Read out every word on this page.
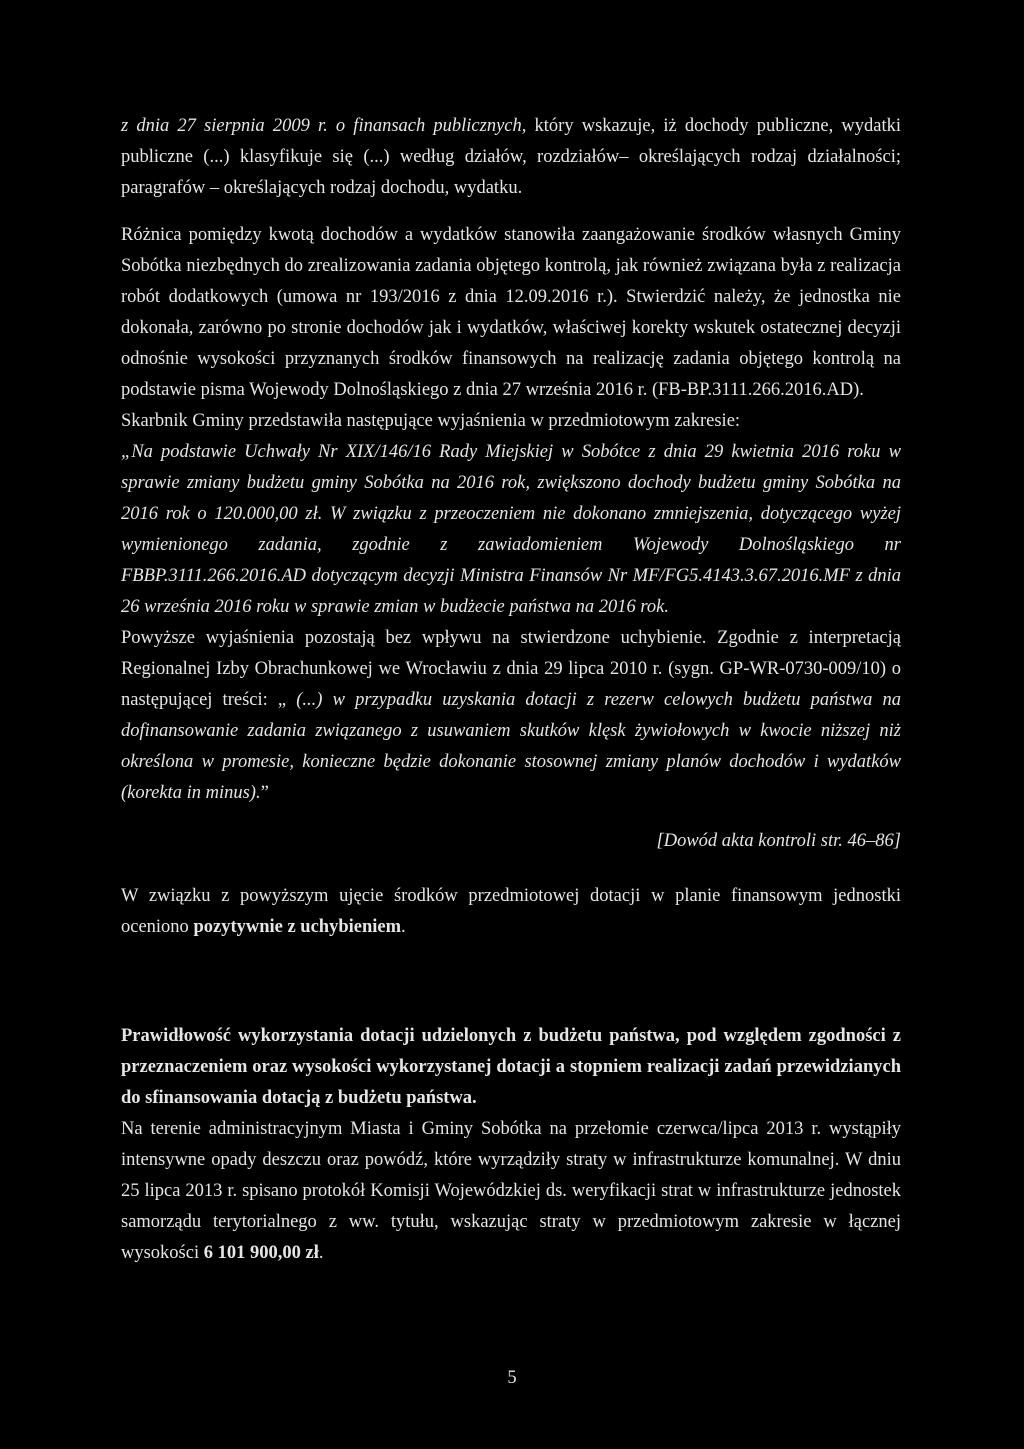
z dnia 27 sierpnia 2009 r. o finansach publicznych, który wskazuje, iż dochody publiczne, wydatki publiczne (...) klasyfikuje się (...) według działów, rozdziałów– określających rodzaj działalności; paragrafów – określających rodzaj dochodu, wydatku.

Różnica pomiędzy kwotą dochodów a wydatków stanowiła zaangażowanie środków własnych Gminy Sobótka niezbędnych do zrealizowania zadania objętego kontrolą, jak również związana była z realizacja robót dodatkowych (umowa nr 193/2016 z dnia 12.09.2016 r.). Stwierdzić należy, że jednostka nie dokonała, zarówno po stronie dochodów jak i wydatków, właściwej korekty wskutek ostatecznej decyzji odnośnie wysokości przyznanych środków finansowych na realizację zadania objętego kontrolą na podstawie pisma Wojewody Dolnośląskiego z dnia 27 września 2016 r. (FB-BP.3111.266.2016.AD).
Skarbnik Gminy przedstawiła następujące wyjaśnienia w przedmiotowym zakresie:
„Na podstawie Uchwały Nr XIX/146/16 Rady Miejskiej w Sobótce z dnia 29 kwietnia 2016 roku w sprawie zmiany budżetu gminy Sobótka na 2016 rok, zwiększono dochody budżetu gminy Sobótka na 2016 rok o 120.000,00 zł. W związku z przeoczeniem nie dokonano zmniejszenia, dotyczącego wyżej wymienionego zadania, zgodnie z zawiadomieniem Wojewody Dolnośląskiego nr FBBP.3111.266.2016.AD dotyczącym decyzji Ministra Finansów Nr MF/FG5.4143.3.67.2016.MF z dnia 26 września 2016 roku w sprawie zmian w budżecie państwa na 2016 rok.
Powyższe wyjaśnienia pozostają bez wpływu na stwierdzone uchybienie. Zgodnie z interpretacją Regionalnej Izby Obrachunkowej we Wrocławiu z dnia 29 lipca 2010 r. (sygn. GP-WR-0730-009/10) o następującej treści: „ (...) w przypadku uzyskania dotacji z rezerw celowych budżetu państwa na dofinansowanie zadania związanego z usuwaniem skutków klęsk żywiołowych w kwocie niższej niż określona w promesie, konieczne będzie dokonanie stosownej zmiany planów dochodów i wydatków (korekta in minus).”

[Dowód akta kontroli str. 46–86]

W związku z powyższym ujęcie środków przedmiotowej dotacji w planie finansowym jednostki oceniono pozytywnie z uchybieniem.

Prawidłowość wykorzystania dotacji udzielonych z budżetu państwa, pod względem zgodności z przeznaczeniem oraz wysokości wykorzystanej dotacji a stopniem realizacji zadań przewidzianych do sfinansowania dotacją z budżetu państwa.
Na terenie administracyjnym Miasta i Gminy Sobótka na przełomie czerwca/lipca 2013 r. wystąpiły intensywne opady deszczu oraz powódź, które wyrządziły straty w infrastrukturze komunalnej. W dniu 25 lipca 2013 r. spisano protokół Komisji Wojewódzkiej ds. weryfikacji strat w infrastrukturze jednostek samorządu terytorialnego z ww. tytułu, wskazując straty w przedmiotowym zakresie w łącznej wysokości 6 101 900,00 zł.

5
